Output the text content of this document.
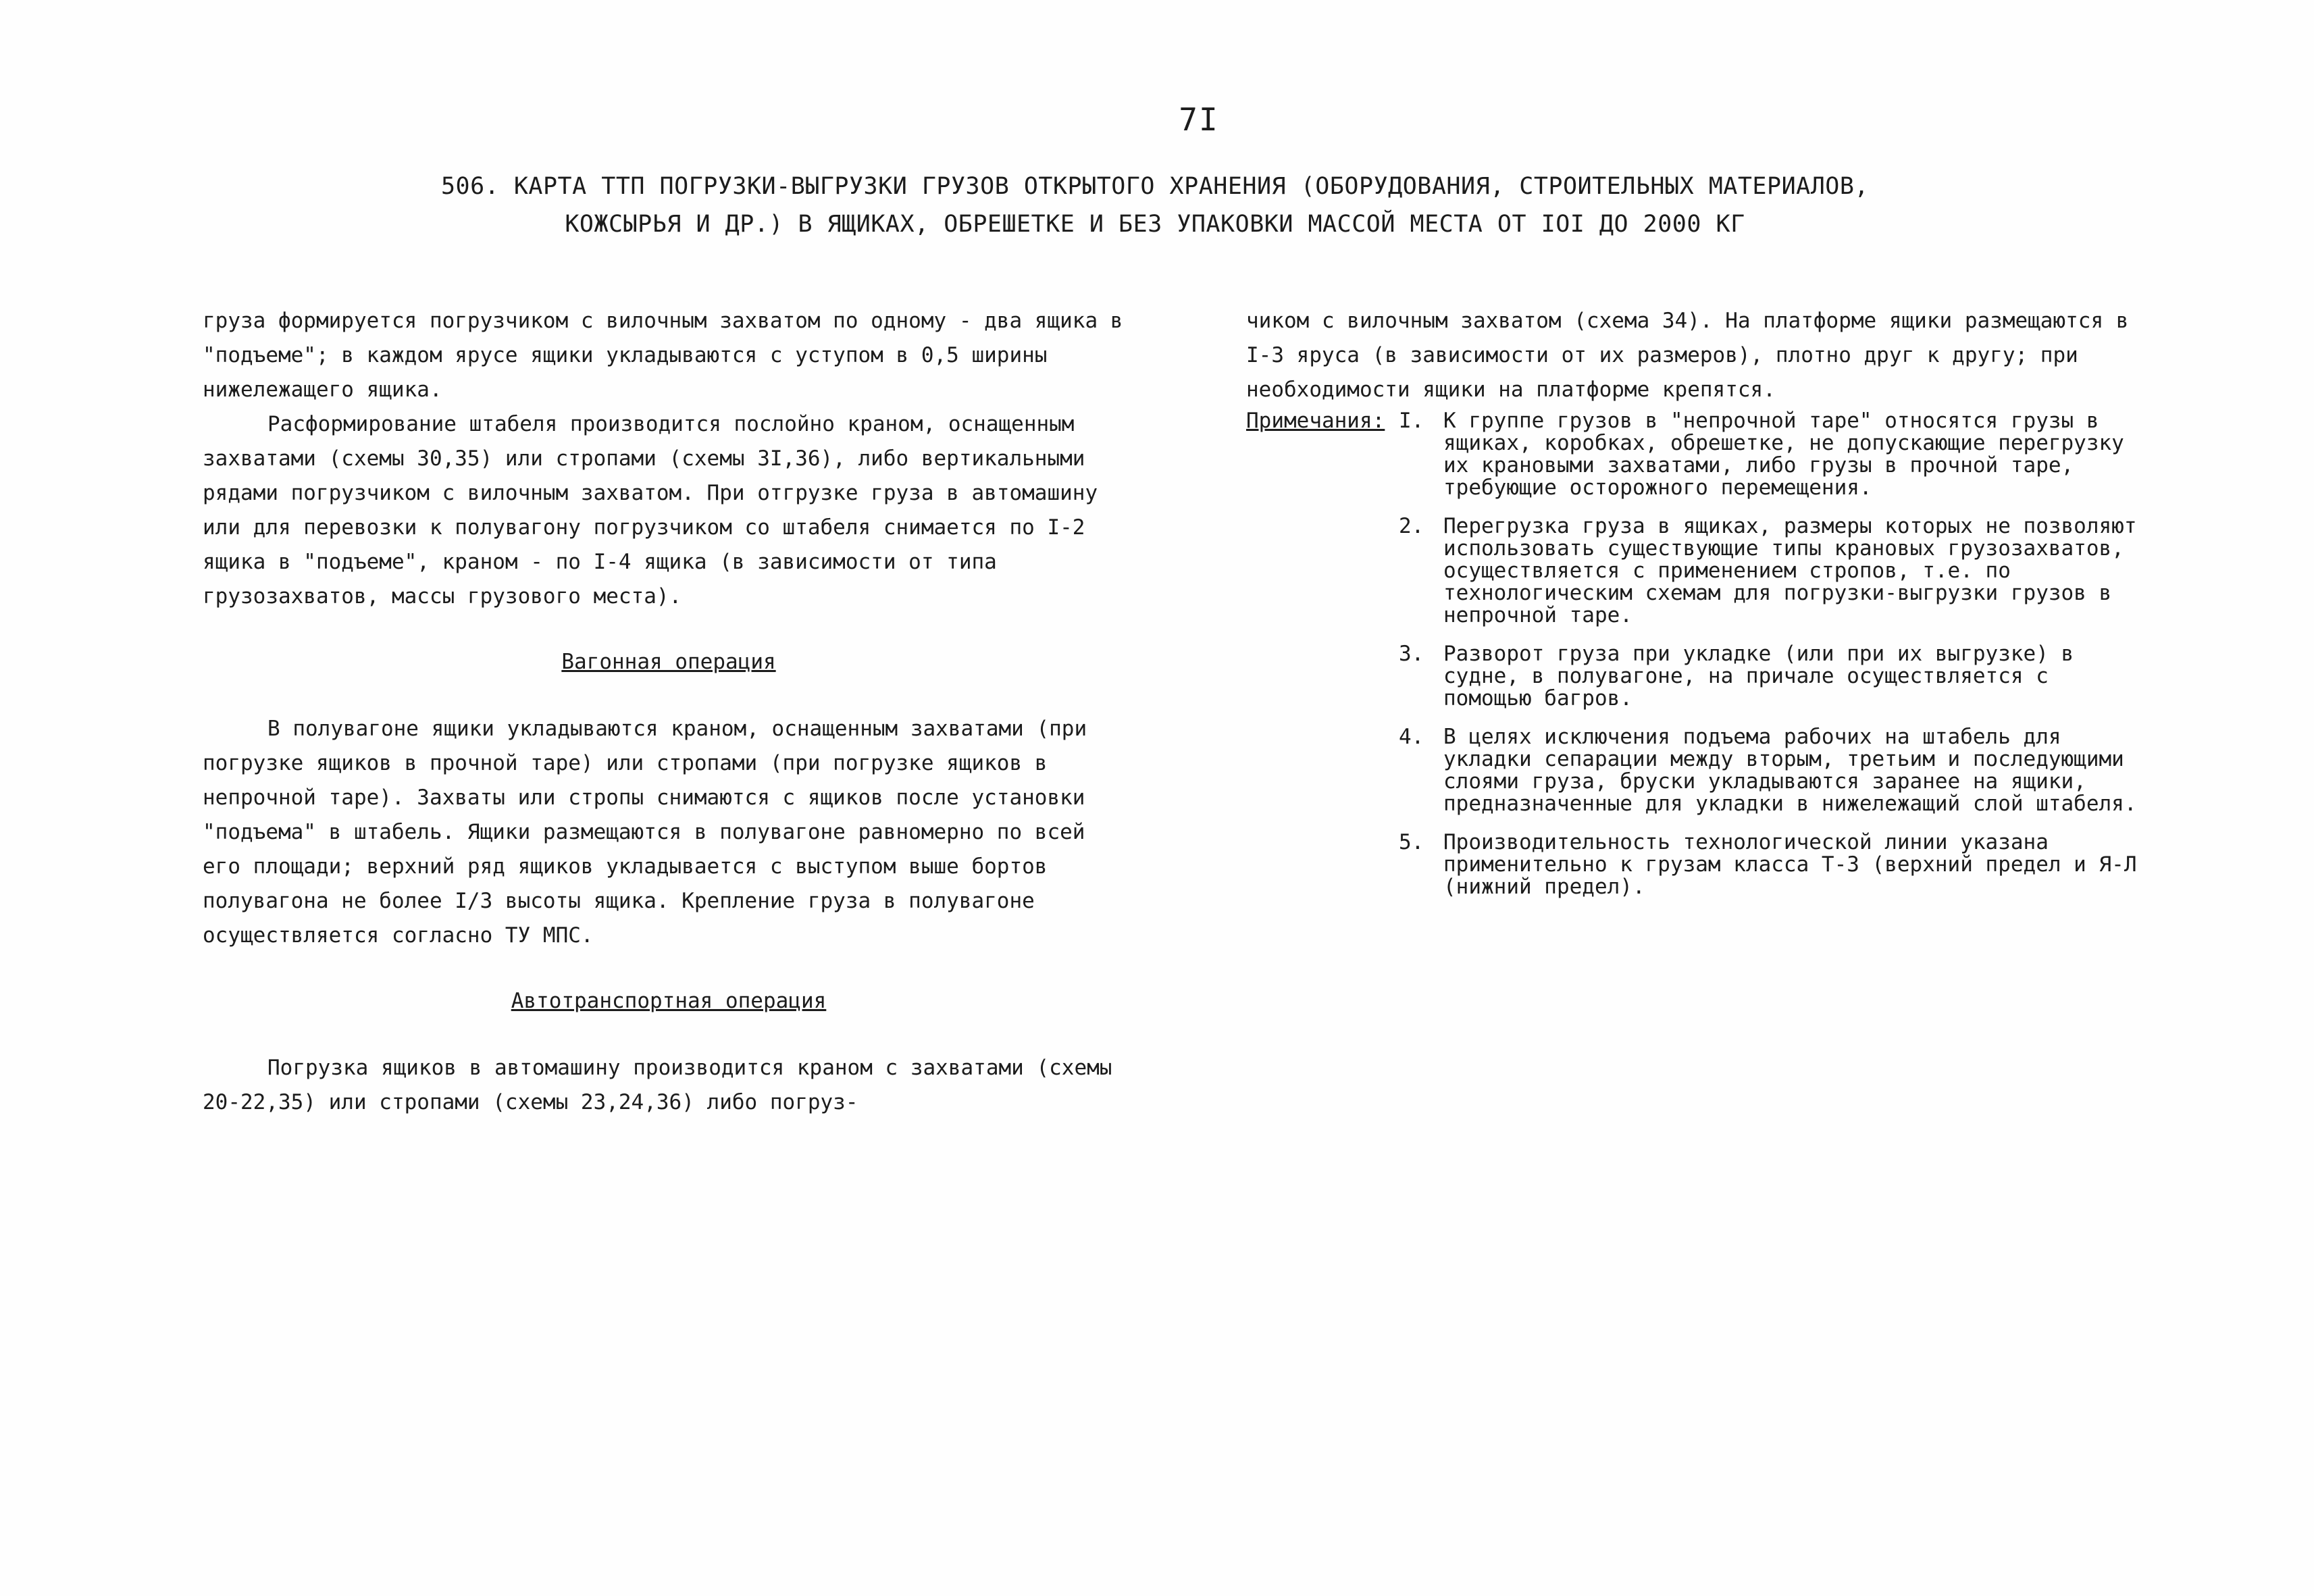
7I
506. КАРТА ТТП ПОГРУЗКИ-ВЫГРУЗКИ ГРУЗОВ ОТКРЫТОГО ХРАНЕНИЯ (ОБОРУДОВАНИЯ, СТРОИТЕЛЬНЫХ МАТЕРИАЛОВ,
КОЖСЫРЬЯ И ДР.) В ЯЩИКАХ, ОБРЕШЕТКЕ И БЕЗ УПАКОВКИ МАССОЙ МЕСТА ОТ IOI ДО 2000 КГ

груза формируется погрузчиком с вилочным захватом по одному - два ящика в "подъеме"; в каждом ярусе ящики укладываются с уступом в 0,5 ширины нижележащего ящика.

Расформирование штабеля производится послойно краном, оснащенным захватами (схемы 30,35) или стропами (схемы 3I,36), либо вертикальными рядами погрузчиком с вилочным захватом. При отгрузке груза в автомашину или для перевозки к полувагону погрузчиком со штабеля снимается по I-2 ящика в "подъеме", краном - по I-4 ящика (в зависимости от типа грузозахватов, массы грузового места).

Вагонная операция

В полувагоне ящики укладываются краном, оснащенным захватами (при погрузке ящиков в прочной таре) или стропами (при погрузке ящиков в непрочной таре). Захваты или стропы снимаются с ящиков после установки "подъема" в штабель. Ящики размещаются в полувагоне равномерно по всей его площади; верхний ряд ящиков укладывается с выступом выше бортов полувагона не более I/3 высоты ящика. Крепление груза в полувагоне осуществляется согласно ТУ МПС.

Автотранспортная операция

Погрузка ящиков в автомашину производится краном с захватами (схемы 20-22,35) или стропами (схемы 23,24,36) либо погруз-

чиком с вилочным захватом (схема 34). На платформе ящики размещаются в I-3 яруса (в зависимости от их размеров), плотно друг к другу; при необходимости ящики на платформе крепятся.

Примечания: I. К группе грузов в "непрочной таре" относятся грузы в ящиках, коробках, обрешетке, не допускающие перегрузку их крановыми захватами, либо грузы в прочной таре, требующие осторожного перемещения.
2. Перегрузка груза в ящиках, размеры которых не позволяют использовать существующие типы крановых грузозахватов, осуществляется с применением стропов, т.е. по технологическим схемам для погрузки-выгрузки грузов в непрочной таре.
3. Разворот груза при укладке (или при их выгрузке) в судне, в полувагоне, на причале осуществляется с помощью багров.
4. В целях исключения подъема рабочих на штабель для укладки сепарации между вторым, третьим и последующими слоями груза, бруски укладываются заранее на ящики, предназначенные для укладки в нижележащий слой штабеля.
5. Производительность технологической линии указана применительно к грузам класса Т-3 (верхний предел и Я-Л (нижний предел).
